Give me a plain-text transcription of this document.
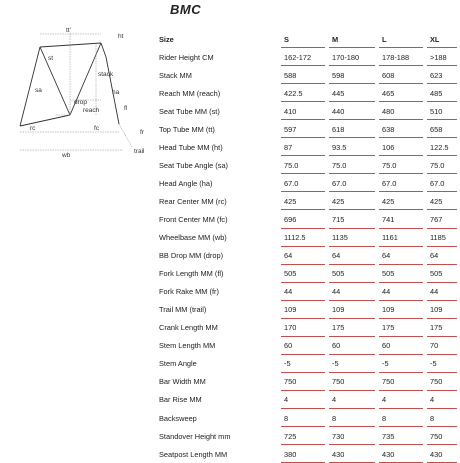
BMC
tt'
ht
stack
st
sa	ha
drop
reach	fl
rc	fc
wb
fr
trail
Size	S	M	L	XL
Rider Height CM	162-172	170-180	178-188	>188
Stack MM	588	598	608	623
Reach MM (reach)	422.5	445	465	485
Seat Tube MM (st)	410	440	480	510
Top Tube MM (tt)	597	618	638	658
Head Tube MM (ht)	87	93.5	106	122.5
Seat Tube Angle (sa)	75.0	75.0	75.0	75.0
Head Angle (ha)	67.0	67.0	67.0	67.0
Rear Center MM (rc)	425	425	425	425
Front Center MM (fc)	696	715	741	767
Wheelbase MM (wb)	1112.5	1135	1161	1185
BB Drop MM (drop)	64	64	64	64
Fork Length MM (fl)	505	505	505	505
Fork Rake MM (fr)	44	44	44	44
Trail MM (trail)	109	109	109	109
Crank Length MM	170	175	175	175
Stem Length MM	60	60	60	70
Stem Angle	-5	-5	-5	-5
Bar Width MM	750	750	750	750
Bar Rise MM	4	4	4	4
Backsweep	8	8	8	8
Standover Height mm	725	730	735	750
Seatpost Length MM	380	430	430	430
